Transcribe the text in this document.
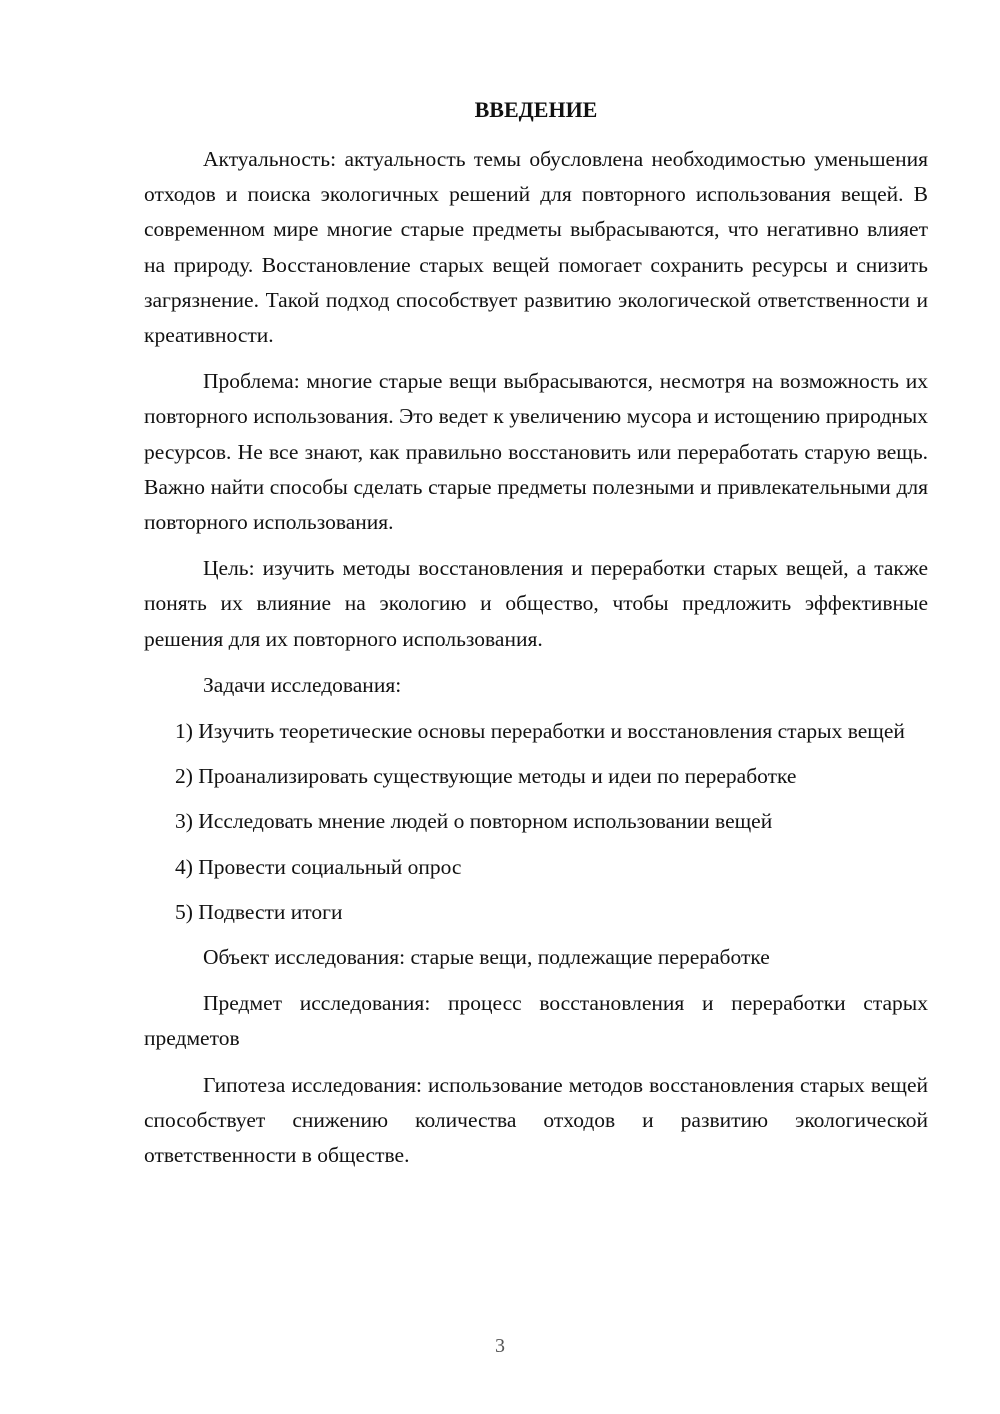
ВВЕДЕНИЕ

Актуальность: актуальность темы обусловлена необходимостью уменьшения отходов и поиска экологичных решений для повторного использования вещей. В современном мире многие старые предметы выбрасываются, что негативно влияет на природу. Восстановление старых вещей помогает сохранить ресурсы и снизить загрязнение. Такой подход способствует развитию экологической ответственности и креативности.

Проблема: многие старые вещи выбрасываются, несмотря на возможность их повторного использования. Это ведет к увеличению мусора и истощению природных ресурсов. Не все знают, как правильно восстановить или переработать старую вещь. Важно найти способы сделать старые предметы полезными и привлекательными для повторного использования.

Цель: изучить методы восстановления и переработки старых вещей, а также понять их влияние на экологию и общество, чтобы предложить эффективные решения для их повторного использования.

Задачи исследования:

1) Изучить теоретические основы переработки и восстановления старых вещей

2) Проанализировать существующие методы и идеи по переработке

3) Исследовать мнение людей о повторном использовании вещей

4) Провести социальный опрос

5) Подвести итоги

Объект исследования: старые вещи, подлежащие переработке

Предмет исследования: процесс восстановления и переработки старых предметов

Гипотеза исследования: использование методов восстановления старых вещей способствует снижению количества отходов и развитию экологической ответственности в обществе.

3
